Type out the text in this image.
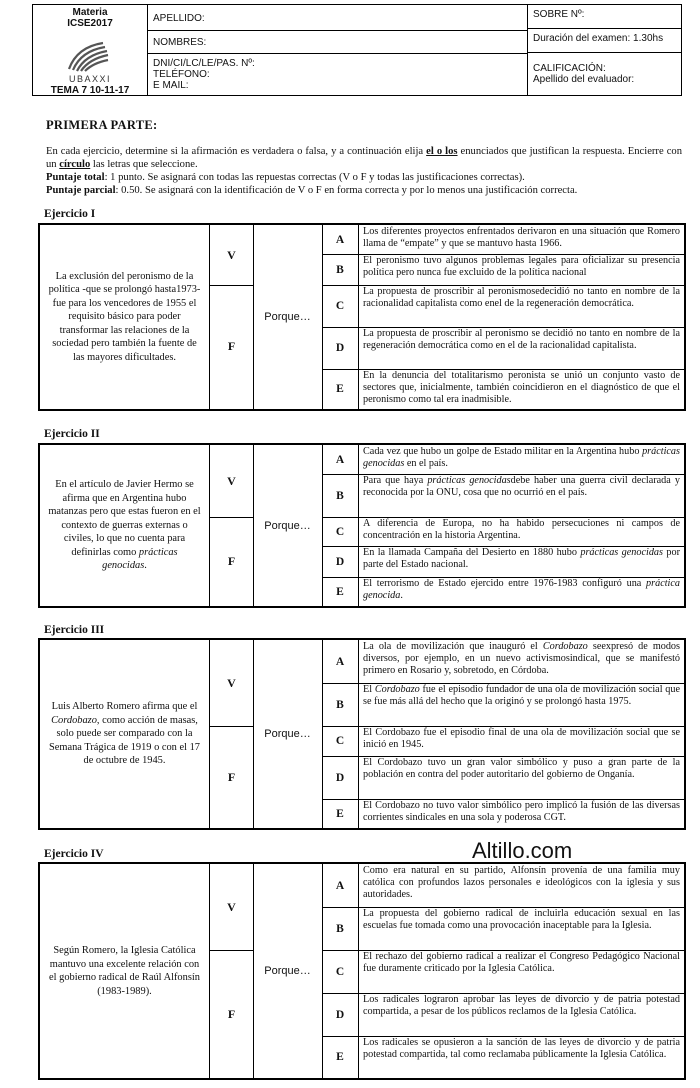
Materia
ICSE2017
UBAXXI
TEMA 7 10-11-17
APELLIDO:
NOMBRES:
DNI/CI/LC/LE/PAS. Nº:
TELÉFONO:
E MAIL:
SOBRE Nº:
Duración del examen: 1.30hs
CALIFICACIÓN:
Apellido del evaluador:
PRIMERA PARTE:
En cada ejercicio, determine si la afirmación es verdadera o falsa, y a continuación elija el o los enunciados que justifican la respuesta. Encierre con un círculo las letras que seleccione.
Puntaje total: 1 punto. Se asignará con todas las repuestas correctas (V o F y todas las justificaciones correctas).
Puntaje parcial: 0.50. Se asignará con la identificación de V o F en forma correcta y por lo menos una justificación correcta.
Ejercicio I
La exclusión del peronismo de la política -que se prolongó hasta1973- fue para los vencedores de 1955 el requisito básico para poder transformar las relaciones de la sociedad pero también la fuente de las mayores dificultades.
V
F
Porque…
A
Los diferentes proyectos enfrentados derivaron en una situación que Romero llama de “empate” y que se mantuvo hasta 1966.
B
El peronismo tuvo algunos problemas legales para oficializar su presencia política pero nunca fue excluido de la política nacional
C
La propuesta de proscribir al peronismosedecidió no tanto en nombre de la racionalidad capitalista como enel de la regeneración democrática.
D
La propuesta de proscribir al peronismo se decidió no tanto en nombre de la regeneración democrática como en el de la racionalidad capitalista.
E
En la denuncia del totalitarismo peronista se unió un conjunto vasto de sectores que, inicialmente, también coincidieron en el diagnóstico de que el peronismo como tal era inadmisible.
Ejercicio II
En el artículo de Javier Hermo se afirma que en Argentina hubo matanzas pero que estas fueron en el contexto de guerras externas o civiles, lo que no cuenta para definirlas como prácticas genocidas.
V
F
Porque…
A
Cada vez que hubo un golpe de Estado militar en la Argentina hubo prácticas genocidas en el país.
B
Para que haya prácticas genocidasdebe haber una guerra civil declarada y reconocida por la ONU, cosa que no ocurrió en el país.
C
A diferencia de Europa, no ha habido persecuciones ni campos de concentración en la historia Argentina.
D
En la llamada Campaña del Desierto en 1880 hubo prácticas genocidas por parte del Estado nacional.
E
El terrorismo de Estado ejercido entre 1976-1983 configuró una práctica genocida.
Ejercicio III
Luis Alberto Romero afirma que el Cordobazo, como acción de masas, solo puede ser comparado con la Semana Trágica de 1919 o con el 17 de octubre de 1945.
V
F
Porque…
A
La ola de movilización que inauguró el Cordobazo seexpresó de modos diversos, por ejemplo, en un nuevo activismosindical, que se manifestó primero en Rosario y, sobretodo, en Córdoba.
B
El Cordobazo fue el episodio fundador de una ola de movilización social que se fue más allá del hecho que la originó y se prolongó hasta 1975.
C
El Cordobazo fue el episodio final de una ola de movilización social que se inició en 1945.
D
El Cordobazo tuvo un gran valor simbólico y puso a gran parte de la población en contra del poder autoritario del gobierno de Onganía.
E
El Cordobazo no tuvo valor simbólico pero implicó la fusión de las diversas corrientes sindicales en una sola y poderosa CGT.
Ejercicio IV	Altillo.com
Según Romero, la Iglesia Católica mantuvo una excelente relación con el gobierno radical de Raúl Alfonsín (1983-1989).
V
F
Porque…
A
Como era natural en su partido, Alfonsín provenía de una familia muy católica con profundos lazos personales e ideológicos con la iglesia y sus autoridades.
B
La propuesta del gobierno radical de incluirla educación sexual en las escuelas fue tomada como una provocación inaceptable para la Iglesia.
C
El rechazo del gobierno radical a realizar el Congreso Pedagógico Nacional fue duramente criticado por la Iglesia Católica.
D
Los radicales lograron aprobar las leyes de divorcio y de patria potestad compartida, a pesar de los públicos reclamos de la Iglesia Católica.
E
Los radicales se opusieron a la sanción de las leyes de divorcio y de patria potestad compartida, tal como reclamaba públicamente la Iglesia Católica.
